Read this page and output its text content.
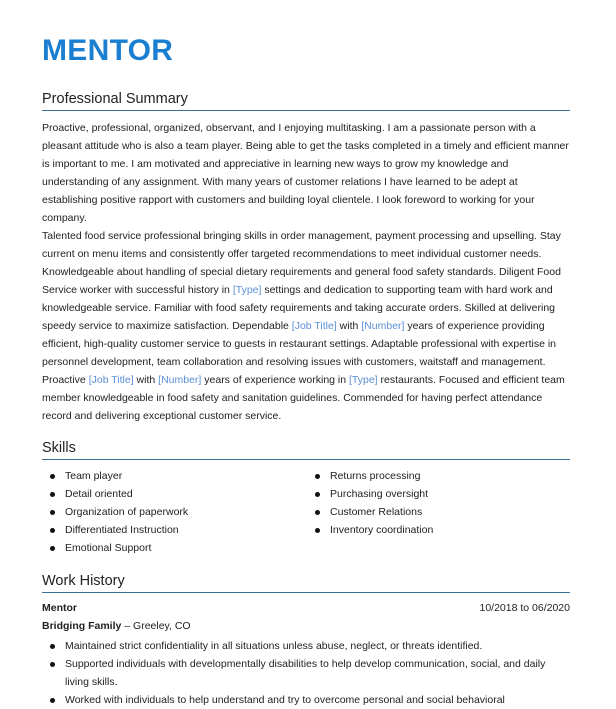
MENTOR
Professional Summary

Proactive, professional, organized, observant, and I enjoying multitasking. I am a passionate person with a pleasant attitude who is also a team player. Being able to get the tasks completed in a timely and efficient manner is important to me. I am motivated and appreciative in learning new ways to grow my knowledge and understanding of any assignment. With many years of customer relations I have learned to be adept at establishing positive rapport with customers and building loyal clientele. I look foreword to working for your company.

Talented food service professional bringing skills in order management, payment processing and upselling. Stay current on menu items and consistently offer targeted recommendations to meet individual customer needs. Knowledgeable about handling of special dietary requirements and general food safety standards. Diligent Food Service worker with successful history in [Type] settings and dedication to supporting team with hard work and knowledgeable service. Familiar with food safety requirements and taking accurate orders. Skilled at delivering speedy service to maximize satisfaction. Dependable [Job Title] with [Number] years of experience providing efficient, high-quality customer service to guests in restaurant settings. Adaptable professional with expertise in personnel development, team collaboration and resolving issues with customers, waitstaff and management. Proactive [Job Title] with [Number] years of experience working in [Type] restaurants. Focused and efficient team member knowledgeable in food safety and sanitation guidelines. Commended for having perfect attendance record and delivering exceptional customer service.

Skills
Team player
Detail oriented
Organization of paperwork
Differentiated Instruction
Emotional Support
Returns processing
Purchasing oversight
Customer Relations
Inventory coordination
Work History
Mentor	10/2018 to 06/2020
Bridging Family – Greeley, CO
Maintained strict confidentiality in all situations unless abuse, neglect, or threats identified.
Supported individuals with developmentally disabilities to help develop communication, social, and daily living skills.
Worked with individuals to help understand and try to overcome personal and social behavioral
